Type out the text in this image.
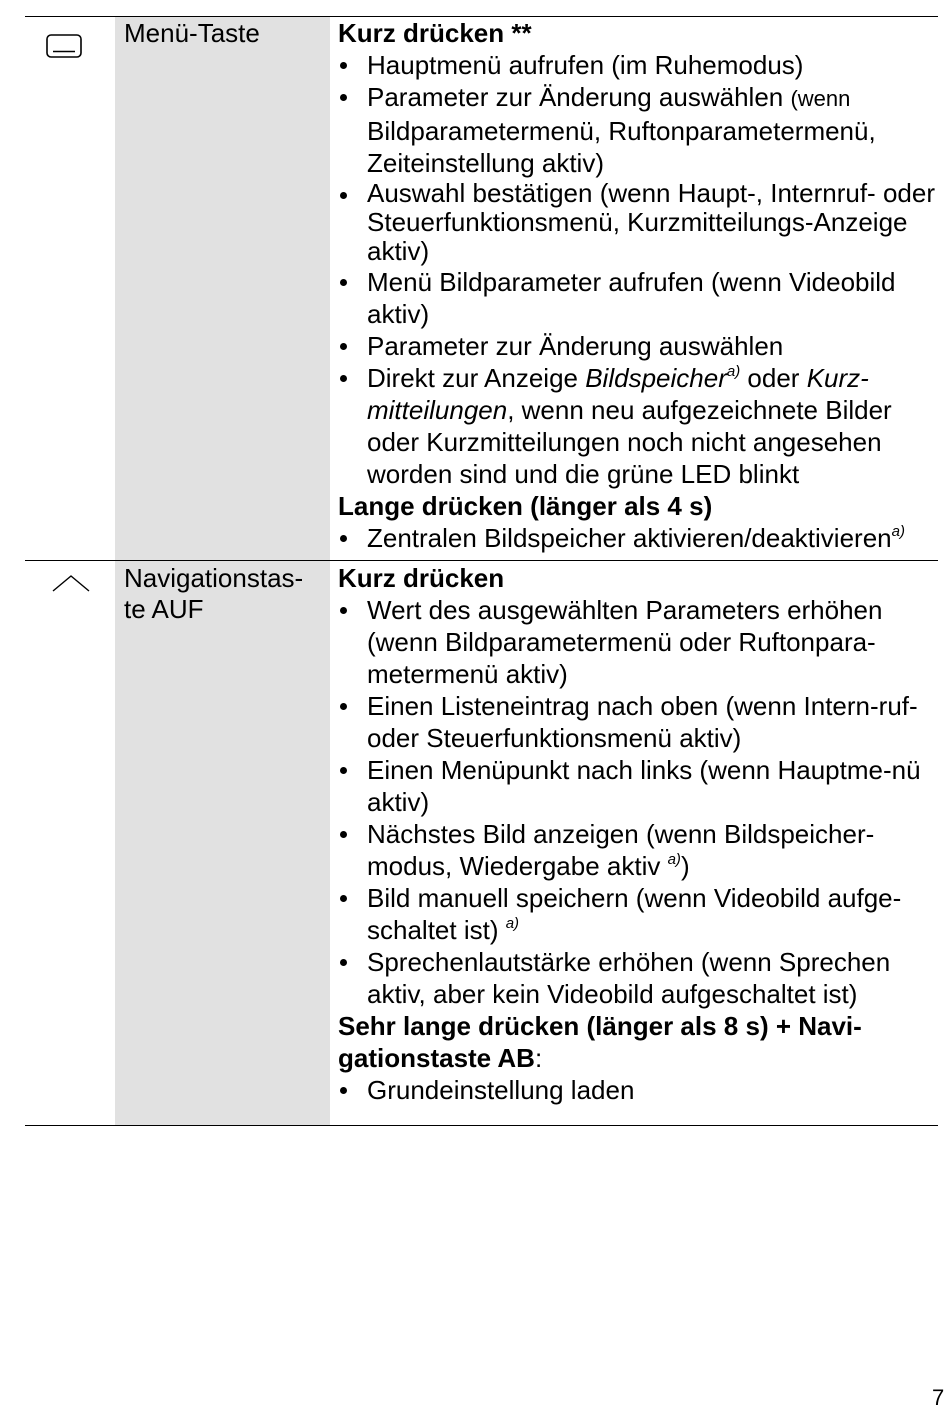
Menü-Taste	Kurz drücken **

Hauptmenü aufrufen (im Ruhemodus)
Parameter zur Änderung auswählen (wenn Bildparametermenü, Ruftonparametermenü, Zeiteinstellung aktiv)
Auswahl bestätigen (wenn Haupt-, Internruf- oder Steuerfunktionsmenü, Kurzmitteilungs-Anzeige aktiv)
Menü Bildparameter aufrufen (wenn Videobild aktiv)
Parameter zur Änderung auswählen
Direkt zur Anzeige Bildspeicher$^{a)}$ oder Kurz-mitteilungen, wenn neu aufgezeichnete Bilder oder Kurzmitteilungen noch nicht angesehen worden sind und die grüne LED blinkt

Lange drücken (länger als 4 s)

Zentralen Bildspeicher aktivieren/deaktivieren$^{a)}$
Navigationstas-te AUF

Kurz drücken

Wert des ausgewählten Parameters erhöhen (wenn Bildparametermenü oder Ruftonpara-metermenü aktiv)
Einen Listeneintrag nach oben (wenn Intern-ruf- oder Steuerfunktionsmenü aktiv)
Einen Menüpunkt nach links (wenn Hauptme-nü aktiv)
Nächstes Bild anzeigen (wenn Bildspeicher-modus, Wiedergabe aktiv $^{a)}$)
Bild manuell speichern (wenn Videobild aufge-schaltet ist) $^{a)}$
Sprechenlautstärke erhöhen (wenn Sprechen aktiv, aber kein Videobild aufgeschaltet ist)

Sehr lange drücken (länger als 8 s) + Navi-gationstaste AB:

Grundeinstellung laden
7
